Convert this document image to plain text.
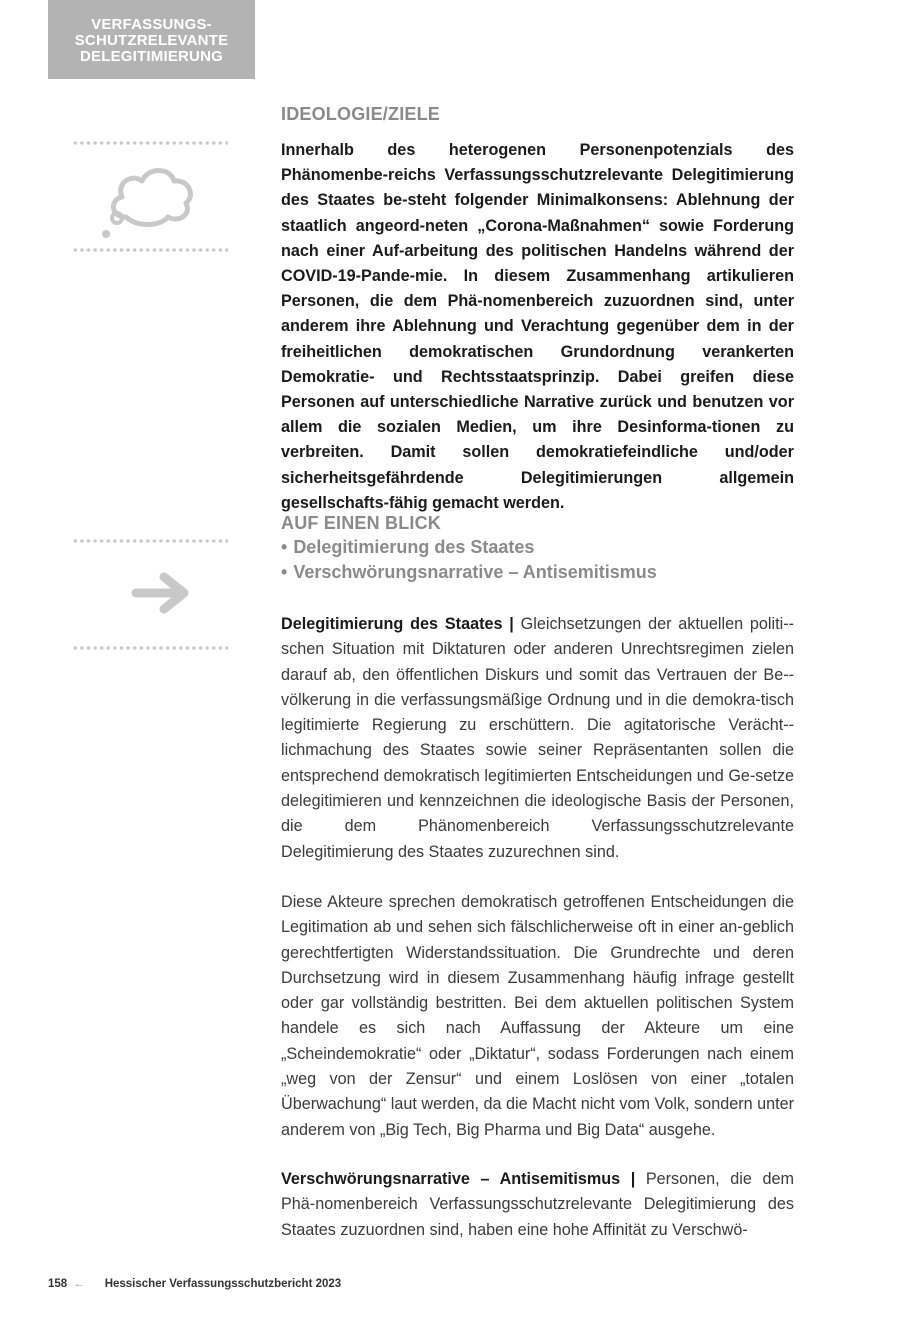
VERFASSUNGS-
SCHUTZRELEVANTE
DELEGITIMIERUNG
IDEOLOGIE/ZIELE

Innerhalb des heterogenen Personenpotenzials des Phänomenbe-reichs Verfassungsschutzrelevante Delegitimierung des Staates be-steht folgender Minimalkonsens: Ablehnung der staatlich angeord-neten „Corona-Maßnahmen“ sowie Forderung nach einer Auf-arbeitung des politischen Handelns während der COVID-19-Pande-mie. In diesem Zusammenhang artikulieren Personen, die dem Phä-nomenbereich zuzuordnen sind, unter anderem ihre Ablehnung und Verachtung gegenüber dem in der freiheitlichen demokratischen Grundordnung verankerten Demokratie- und Rechtsstaatsprinzip. Dabei greifen diese Personen auf unterschiedliche Narrative zurück und benutzen vor allem die sozialen Medien, um ihre Desinforma-tionen zu verbreiten. Damit sollen demokratiefeindliche und/oder sicherheitsgefährdende Delegitimierungen allgemein gesellschafts-fähig gemacht werden.

AUF EINEN BLICK
• Delegitimierung des Staates
• Verschwörungsnarrative – Antisemitismus

Delegitimierung des Staates | Gleichsetzungen der aktuellen politi-schen Situation mit Diktaturen oder anderen Unrechtsregimen zielen darauf ab, den öffentlichen Diskurs und somit das Vertrauen der Be-völkerung in die verfassungsmäßige Ordnung und in die demokra-tisch legitimierte Regierung zu erschüttern. Die agitatorische Verächt-lichmachung des Staates sowie seiner Repräsentanten sollen die entsprechend demokratisch legitimierten Entscheidungen und Ge-setze delegitimieren und kennzeichnen die ideologische Basis der Personen, die dem Phänomenbereich Verfassungsschutzrelevante Delegitimierung des Staates zuzurechnen sind.

Diese Akteure sprechen demokratisch getroffenen Entscheidungen die Legitimation ab und sehen sich fälschlicherweise oft in einer an-geblich gerechtfertigten Widerstandssituation. Die Grundrechte und deren Durchsetzung wird in diesem Zusammenhang häufig infrage gestellt oder gar vollständig bestritten. Bei dem aktuellen politischen System handele es sich nach Auffassung der Akteure um eine „Scheindemokratie“ oder „Diktatur“, sodass Forderungen nach einem „weg von der Zensur“ und einem Loslösen von einer „totalen Überwachung“ laut werden, da die Macht nicht vom Volk, sondern unter anderem von „Big Tech, Big Pharma und Big Data“ ausgehe.

Verschwörungsnarrative – Antisemitismus | Personen, die dem Phä-nomenbereich Verfassungsschutzrelevante Delegitimierung des Staates zuzuordnen sind, haben eine hohe Affinität zu Verschwö-

158 ← Hessischer Verfassungsschutzbericht 2023
